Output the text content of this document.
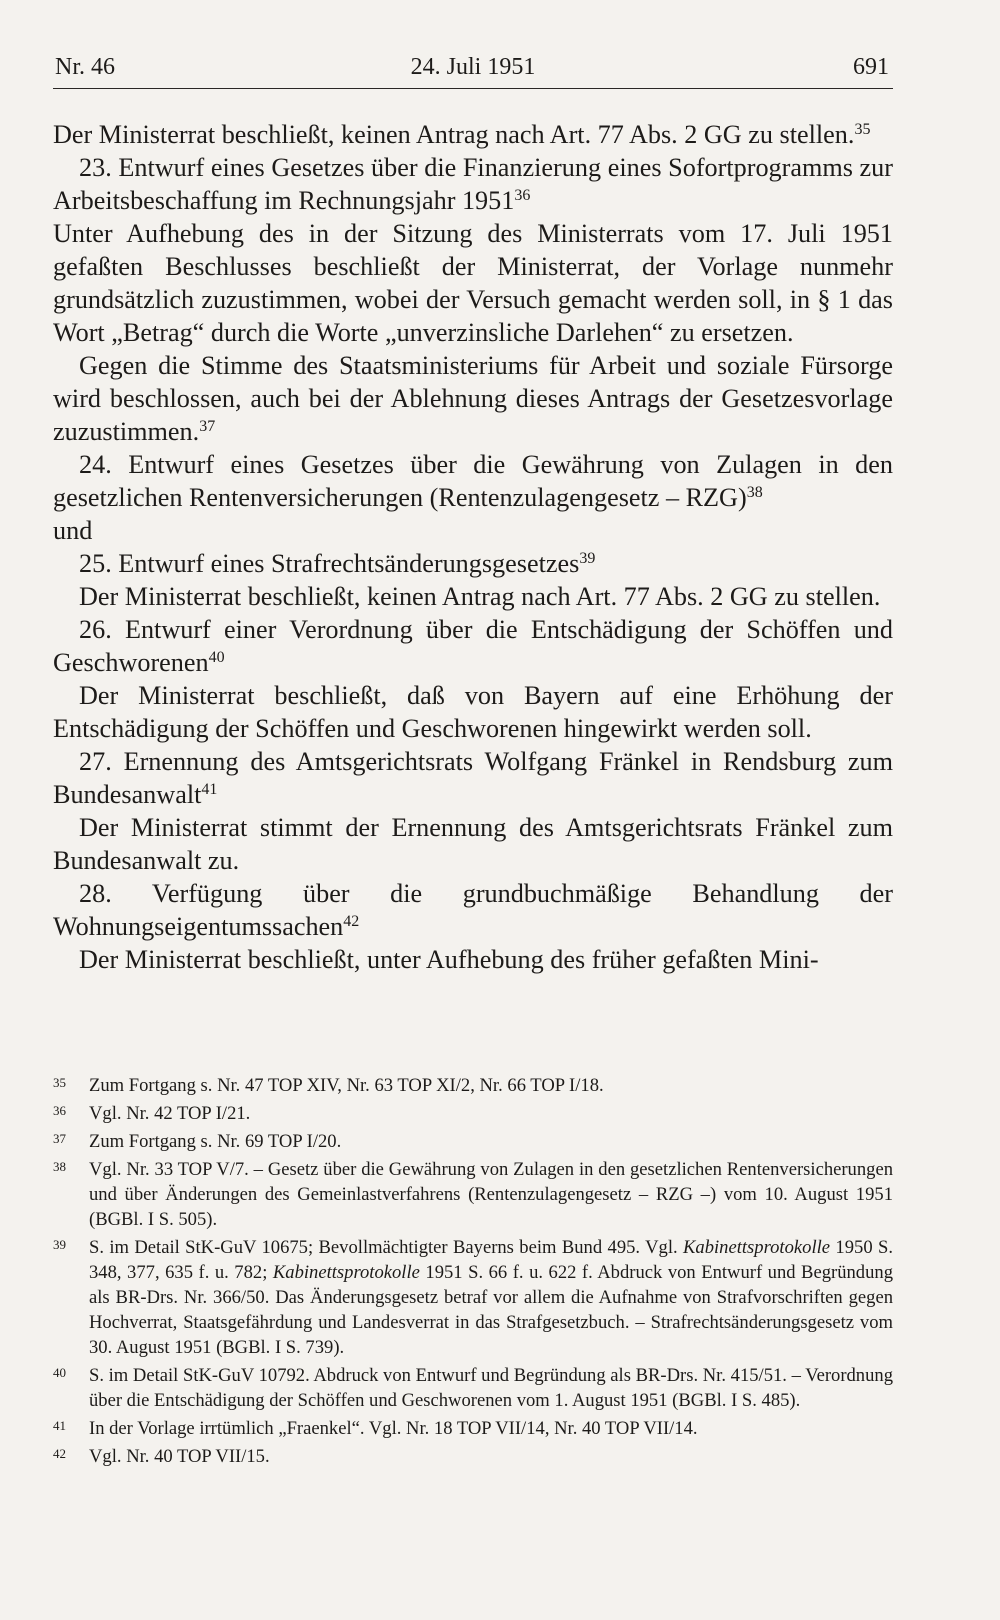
Nr. 46	24. Juli 1951	691

Der Ministerrat beschließt, keinen Antrag nach Art. 77 Abs. 2 GG zu stellen.$^{35}$

23. Entwurf eines Gesetzes über die Finanzierung eines Sofortprogramms zur Arbeitsbeschaffung im Rechnungsjahr 1951$^{36}$

Unter Aufhebung des in der Sitzung des Ministerrats vom 17. Juli 1951 gefaßten Beschlusses beschließt der Ministerrat, der Vorlage nunmehr grundsätzlich zuzustimmen, wobei der Versuch gemacht werden soll, in § 1 das Wort „Betrag“ durch die Worte „unverzinsliche Darlehen“ zu ersetzen.

Gegen die Stimme des Staatsministeriums für Arbeit und soziale Fürsorge wird beschlossen, auch bei der Ablehnung dieses Antrags der Gesetzesvorlage zuzustimmen.$^{37}$

24. Entwurf eines Gesetzes über die Gewährung von Zulagen in den gesetzlichen Rentenversicherungen (Rentenzulagengesetz – RZG)$^{38}$

und

25. Entwurf eines Strafrechtsänderungsgesetzes$^{39}$

Der Ministerrat beschließt, keinen Antrag nach Art. 77 Abs. 2 GG zu stellen.

26. Entwurf einer Verordnung über die Entschädigung der Schöffen und Geschworenen$^{40}$

Der Ministerrat beschließt, daß von Bayern auf eine Erhöhung der Entschädigung der Schöffen und Geschworenen hingewirkt werden soll.

27. Ernennung des Amtsgerichtsrats Wolfgang Fränkel in Rendsburg zum Bundesanwalt$^{41}$

Der Ministerrat stimmt der Ernennung des Amtsgerichtsrats Fränkel zum Bundesanwalt zu.

28. Verfügung über die grundbuchmäßige Behandlung der Wohnungseigentumssachen$^{42}$

Der Ministerrat beschließt, unter Aufhebung des früher gefaßten Mini-

35 Zum Fortgang s. Nr. 47 TOP XIV, Nr. 63 TOP XI/2, Nr. 66 TOP I/18.
36 Vgl. Nr. 42 TOP I/21.
37 Zum Fortgang s. Nr. 69 TOP I/20.
38 Vgl. Nr. 33 TOP V/7. – Gesetz über die Gewährung von Zulagen in den gesetzlichen Rentenversicherungen und über Änderungen des Gemeinlastverfahrens (Rentenzulagengesetz – RZG –) vom 10. August 1951 (BGBl. I S. 505).
39 S. im Detail StK-GuV 10675; Bevollmächtigter Bayerns beim Bund 495. Vgl. Kabinettsprotokolle 1950 S. 348, 377, 635 f. u. 782; Kabinettsprotokolle 1951 S. 66 f. u. 622 f. Abdruck von Entwurf und Begründung als BR-Drs. Nr. 366/50. Das Änderungsgesetz betraf vor allem die Aufnahme von Strafvorschriften gegen Hochverrat, Staatsgefährdung und Landesverrat in das Strafgesetzbuch. – Strafrechtsänderungsgesetz vom 30. August 1951 (BGBl. I S. 739).
40 S. im Detail StK-GuV 10792. Abdruck von Entwurf und Begründung als BR-Drs. Nr. 415/51. – Verordnung über die Entschädigung der Schöffen und Geschworenen vom 1. August 1951 (BGBl. I S. 485).
41 In der Vorlage irrtümlich „Fraenkel“. Vgl. Nr. 18 TOP VII/14, Nr. 40 TOP VII/14.
42 Vgl. Nr. 40 TOP VII/15.
